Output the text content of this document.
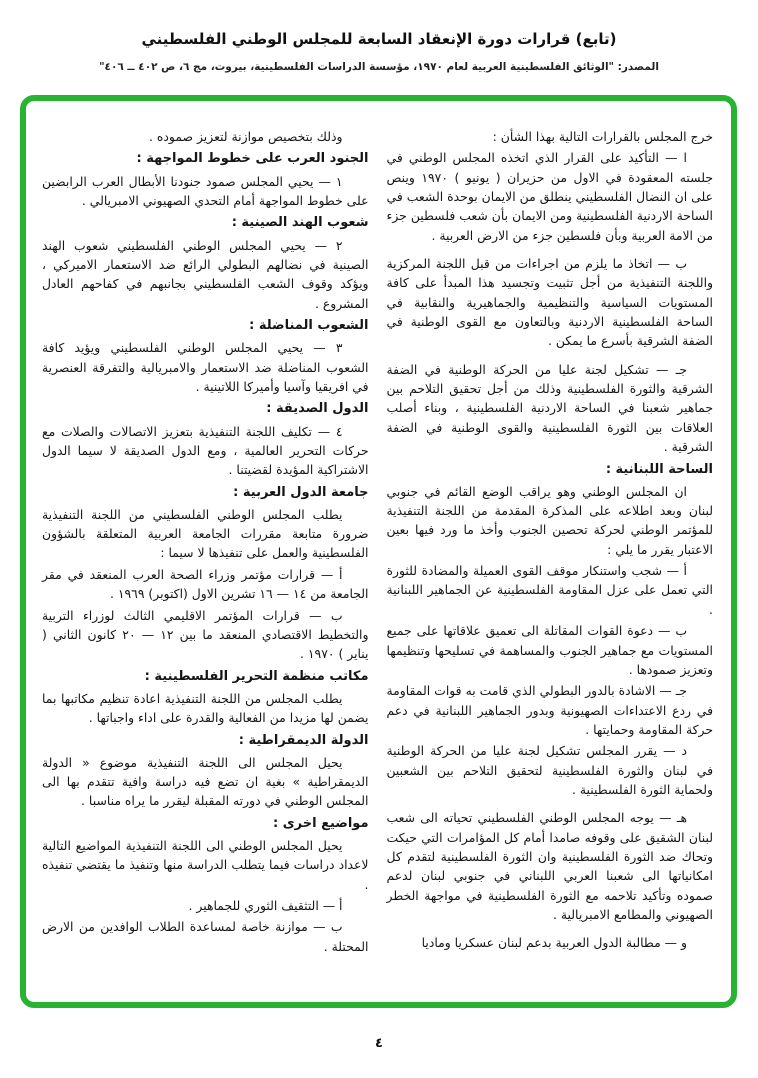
(تابع) قرارات دورة الإنعقاد السابعة للمجلس الوطني الفلسطيني
المصدر: "الوثائق الفلسطينية العربية لعام ١٩٧٠، مؤسسة الدراسات الفلسطينية، بيروت، مج ٦، ص ٤٠٢ ــ ٤٠٦"

خرج المجلس بالقرارات التالية بهذا الشأن :

ا — التأكيد على القرار الذي اتخذه المجلس الوطني في جلسته المعقودة في الاول من حزيران ( يونيو ) ١٩٧٠ وينص على ان النضال الفلسطيني ينطلق من الايمان بوحدة الشعب في الساحة الاردنية الفلسطينية ومن الايمان بأن شعب فلسطين جزء من الامة العربية وبأن فلسطين جزء من الارض العربية .

ب — اتخاذ ما يلزم من اجراءات من قبل اللجنة المركزية واللجنة التنفيذية من أجل تثبيت وتجسيد هذا المبدأ على كافة المستويات السياسية والتنظيمية والجماهيرية والنقابية في الساحة الفلسطينية الاردنية وبالتعاون مع القوى الوطنية في الضفة الشرقية بأسرع ما يمكن .

جـ — تشكيل لجنة عليا من الحركة الوطنية في الضفة الشرقية والثورة الفلسطينية وذلك من أجل تحقيق التلاحم بين جماهير شعبنا في الساحة الاردنية الفلسطينية ، وبناء أصلب العلاقات بين الثورة الفلسطينية والقوى الوطنية في الضفة الشرقية .

الساحة اللبنانية :

ان المجلس الوطني وهو يراقب الوضع القائم في جنوبي لبنان وبعد اطلاعه على المذكرة المقدمة من اللجنة التنفيذية للمؤتمر الوطني لحركة تحصين الجنوب وأخذ ما ورد فيها بعين الاعتبار يقرر ما يلي :

أ — شجب واستنكار موقف القوى العميلة والمضادة للثورة التي تعمل على عزل المقاومة الفلسطينية عن الجماهير اللبنانية .

ب — دعوة القوات المقاتلة الى تعميق علاقاتها على جميع المستويات مع جماهير الجنوب والمساهمة في تسليحها وتنظيمها وتعزيز صمودها .

جـ — الاشادة بالدور البطولي الذي قامت به قوات المقاومة في ردع الاعتداءات الصهيونية وبدور الجماهير اللبنانية في دعم حركة المقاومة وحمايتها .

د — يقرر المجلس تشكيل لجنة عليا من الحركة الوطنية في لبنان والثورة الفلسطينية لتحقيق التلاحم بين الشعبين ولحماية الثورة الفلسطينية .

هـ — يوجه المجلس الوطني الفلسطيني تحياته الى شعب لبنان الشقيق على وقوفه صامدا أمام كل المؤامرات التي حيكت وتحاك ضد الثورة الفلسطينية وان الثورة الفلسطينية لتقدم كل امكانياتها الى شعبنا العربي اللبناني في جنوبي لبنان لدعم صموده وتأكيد تلاحمه مع الثورة الفلسطينية في مواجهة الخطر الصهيوني والمطامع الامبريالية .

و — مطالبة الدول العربية بدعم لبنان عسكريا وماديا

وذلك بتخصيص موازنة لتعزيز صموده .

الجنود العرب على خطوط المواجهة :

١ — يحيي المجلس صمود جنودنا الأبطال العرب الرابضين على خطوط المواجهة أمام التحدي الصهيوني الامبريالي .

شعوب الهند الصينية :

٢ — يحيي المجلس الوطني الفلسطيني شعوب الهند الصينية في نضالهم البطولي الرائع ضد الاستعمار الاميركي ، ويؤكد وقوف الشعب الفلسطيني بجانبهم في كفاحهم العادل المشروع .

الشعوب المناضلة :

٣ — يحيي المجلس الوطني الفلسطيني ويؤيد كافة الشعوب المناضلة ضد الاستعمار والامبريالية والتفرقة العنصرية في افريقيا وآسيا وأميركا اللاتينية .

الدول الصديقة :

٤ — تكليف اللجنة التنفيذية بتعزيز الاتصالات والصلات مع حركات التحرير العالمية ، ومع الدول الصديقة لا سيما الدول الاشتراكية المؤيدة لقضيتنا .

جامعة الدول العربية :

يطلب المجلس الوطني الفلسطيني من اللجنة التنفيذية ضرورة متابعة مقررات الجامعة العربية المتعلقة بالشؤون الفلسطينية والعمل على تنفيذها لا سيما :

أ — قرارات مؤتمر وزراء الصحة العرب المنعقد في مقر الجامعة من ١٤ — ١٦ تشرين الاول (اكتوبر) ١٩٦٩ .

ب — قرارات المؤتمر الاقليمي الثالث لوزراء التربية والتخطيط الاقتصادي المنعقد ما بين ١٢ — ٢٠ كانون الثاني ( يناير ) ١٩٧٠ .

مكاتب منظمة التحرير الفلسطينية :

يطلب المجلس من اللجنة التنفيذية اعادة تنظيم مكاتبها بما يضمن لها مزيدا من الفعالية والقدرة على اداء واجباتها .

الدولة الديمقراطية :

يحيل المجلس الى اللجنة التنفيذية موضوع « الدولة الديمقراطية » بغية ان تضع فيه دراسة وافية تتقدم بها الى المجلس الوطني في دورته المقبلة ليقرر ما يراه مناسبا .

مواضيع اخرى :

يحيل المجلس الوطني الى اللجنة التنفيذية المواضيع التالية لاعداد دراسات فيما يتطلب الدراسة منها وتنفيذ ما يقتضي تنفيذه .

أ — التثقيف الثوري للجماهير .

ب — موازنة خاصة لمساعدة الطلاب الوافدين من الارض المحتلة .

٤
